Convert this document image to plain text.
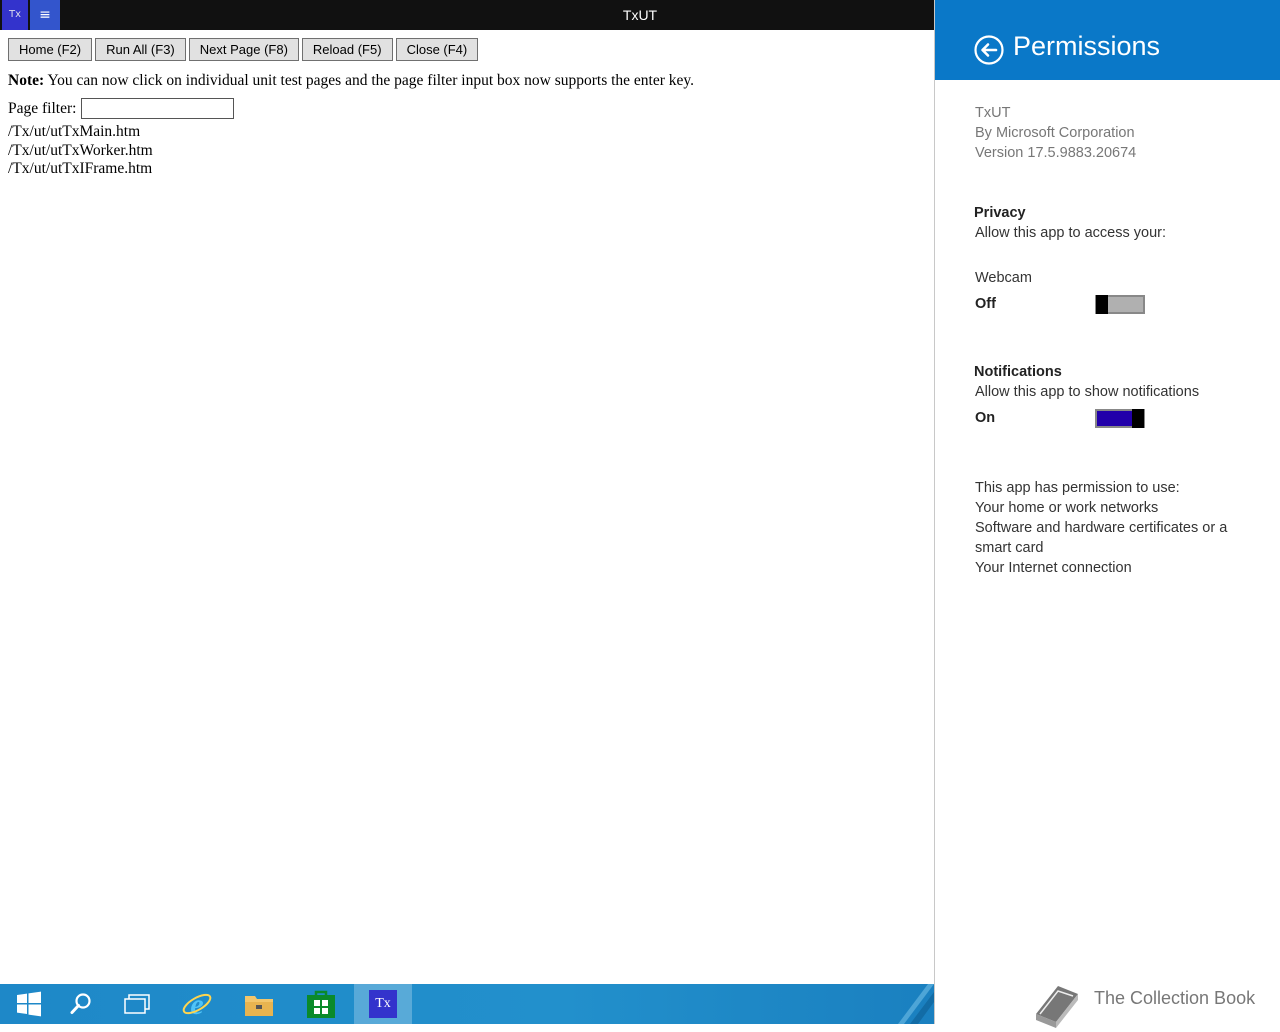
Tx	≡	TxUT
Home (F2)	Run All (F3)	Next Page (F8)	Reload (F5)	Close (F4)
Note: You can now click on individual unit test pages and the page filter input box now supports the enter key.
Page filter:
/Tx/ut/utTxMain.htm
/Tx/ut/utTxWorker.htm
/Tx/ut/utTxIFrame.htm
Permissions
TxUT
By Microsoft Corporation
Version 17.5.9883.20674
Privacy
Allow this app to access your:
Webcam
Off
Notifications
Allow this app to show notifications
On
This app has permission to use:
Your home or work networks
Software and hardware certificates or a smart card
Your Internet connection
The Collection Book
e	Tx
